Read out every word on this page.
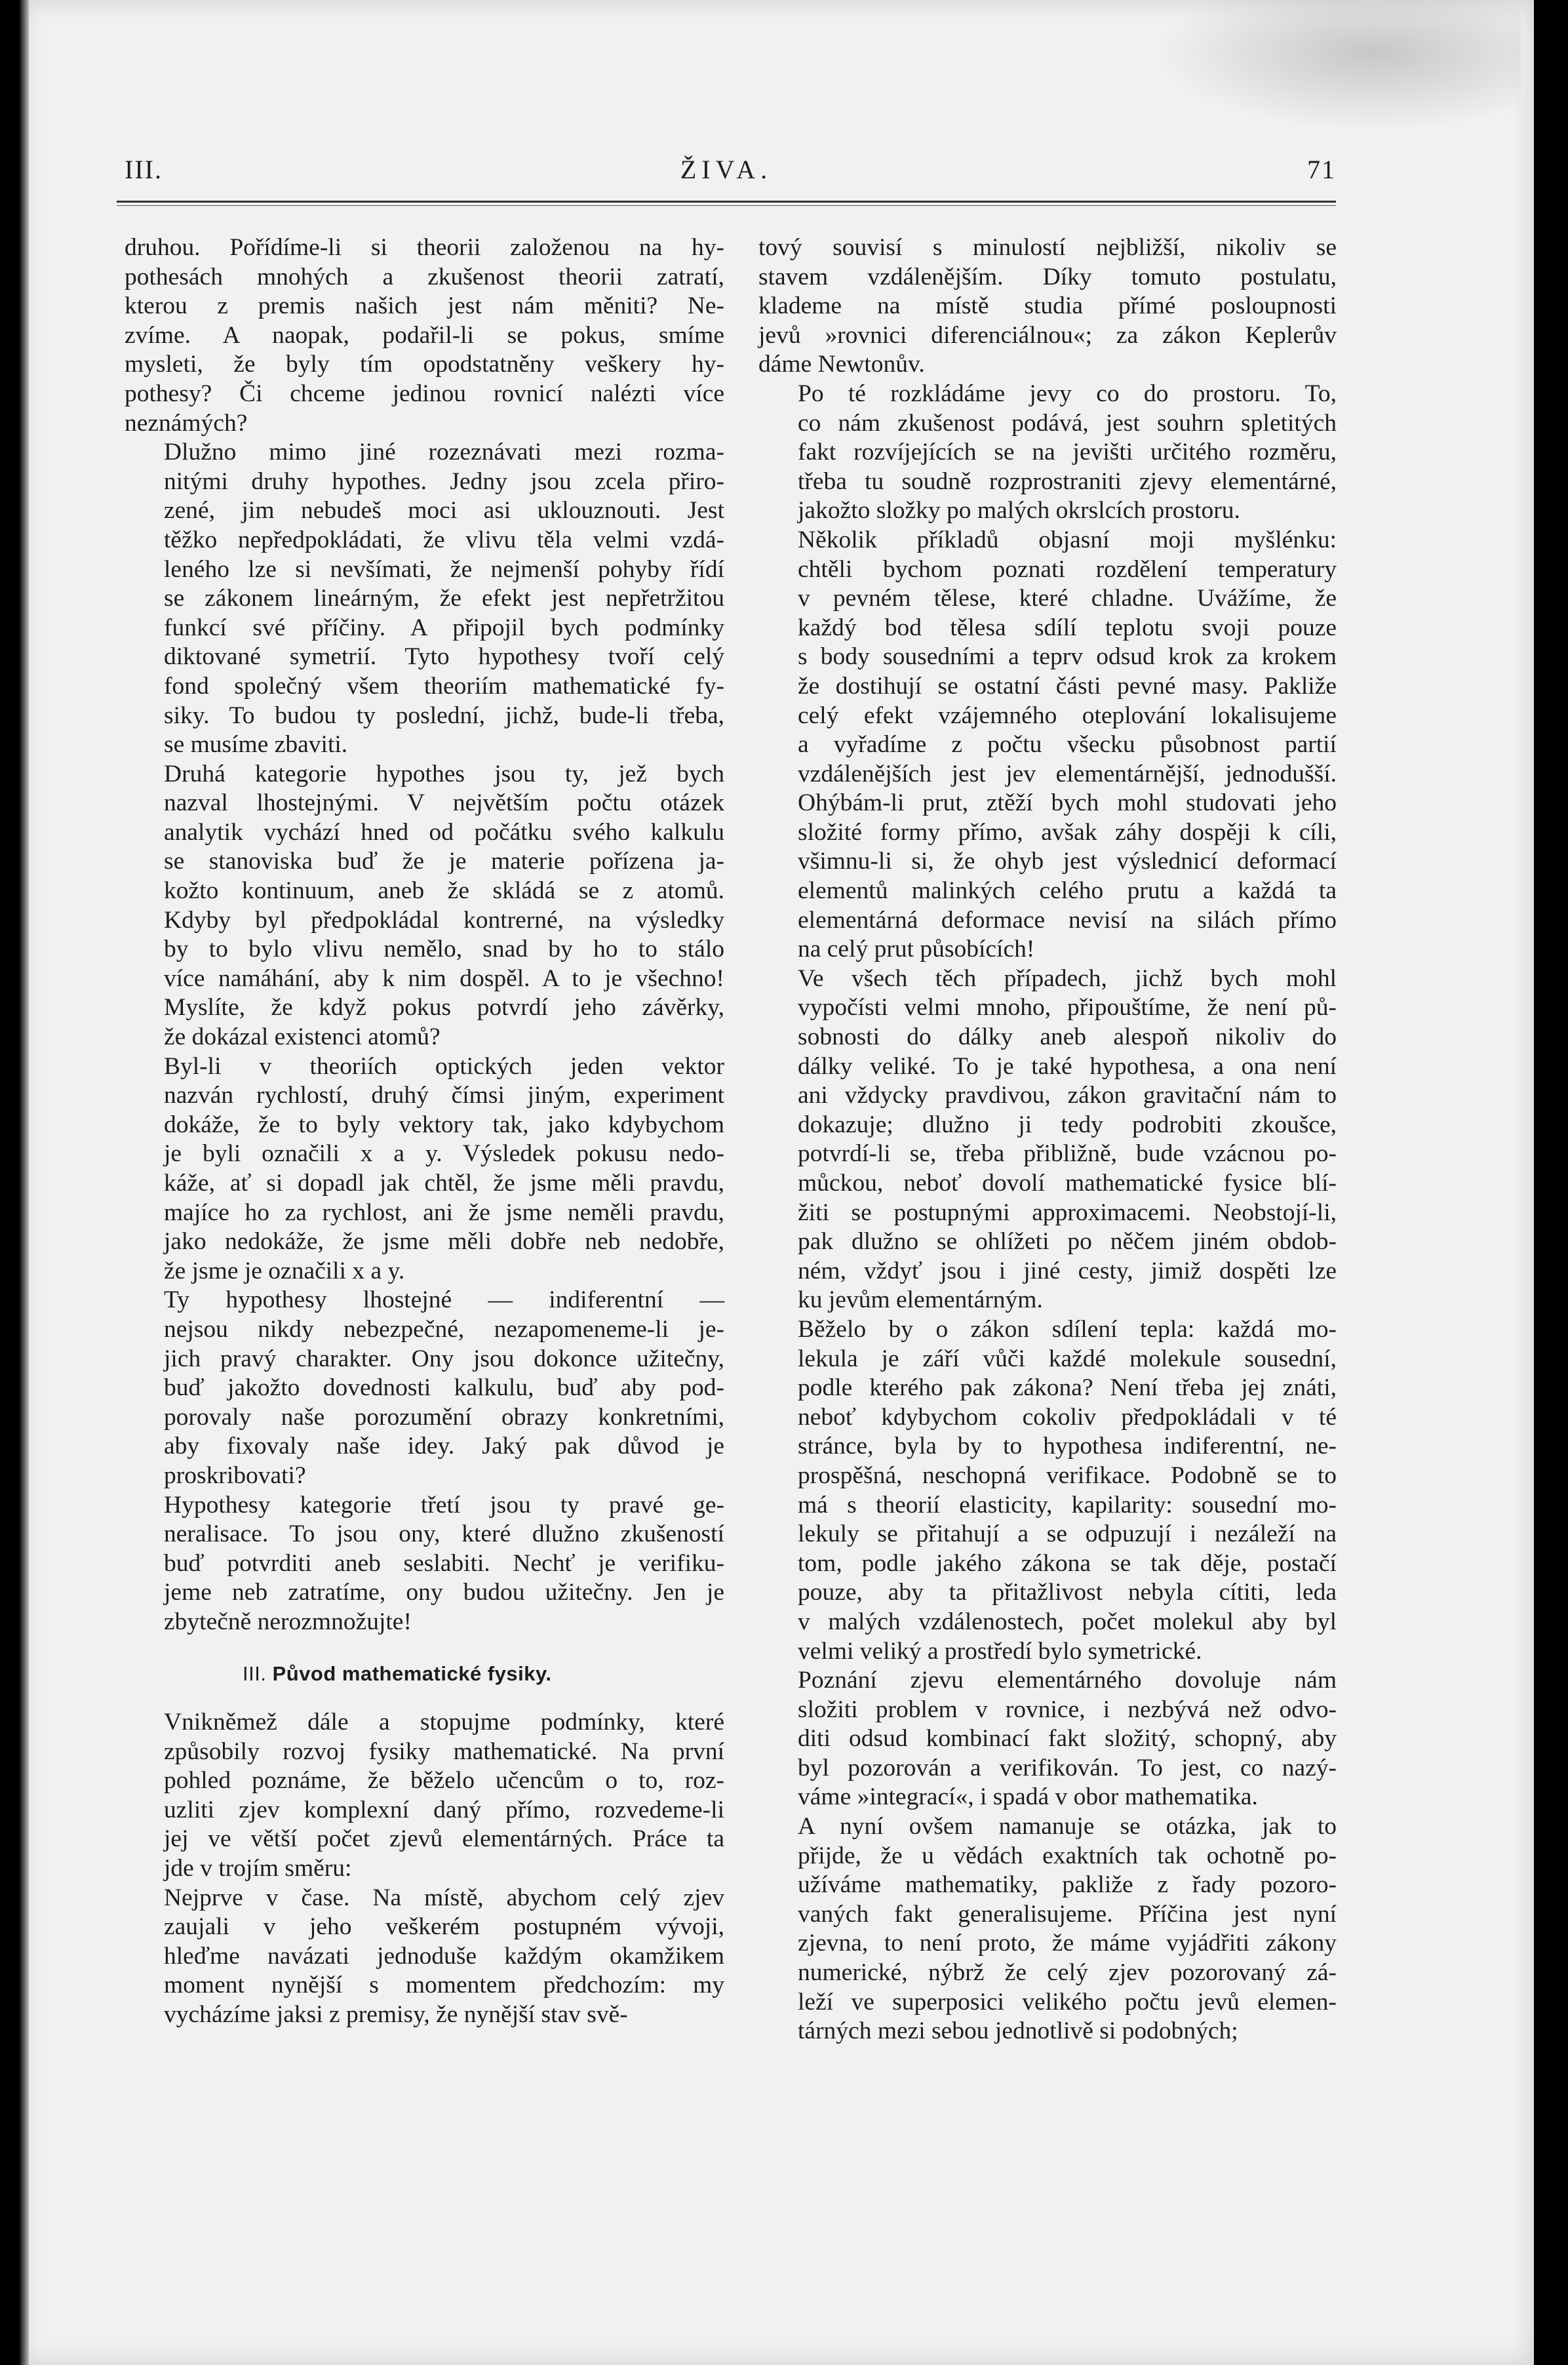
III.	ŽIVA.	71

druhou. Pořídíme-li si theorii založenou na hy-
pothesách mnohých a zkušenost theorii zatratí,
kterou z premis našich jest nám měniti? Ne-
zvíme. A naopak, podařil-li se pokus, smíme
mysleti, že byly tím opodstatněny veškery hy-
pothesy? Či chceme jedinou rovnicí nalézti více
neznámých?

Dlužno mimo jiné rozeznávati mezi rozma-
nitými druhy hypothes. Jedny jsou zcela přiro-
zené, jim nebudeš moci asi uklouznouti. Jest
těžko nepředpokládati, že vlivu těla velmi vzdá-
leného lze si nevšímati, že nejmenší pohyby řídí
se zákonem lineárným, že efekt jest nepřetržitou
funkcí své příčiny. A připojil bych podmínky
diktované symetrií. Tyto hypothesy tvoří celý
fond společný všem theoriím mathematické fy-
siky. To budou ty poslední, jichž, bude-li třeba,
se musíme zbaviti.

Druhá kategorie hypothes jsou ty, jež bych
nazval lhostejnými. V největším počtu otázek
analytik vychází hned od počátku svého kalkulu
se stanoviska buď že je materie pořízena ja-
kožto kontinuum, aneb že skládá se z atomů.
Kdyby byl předpokládal kontrerné, na výsledky
by to bylo vlivu nemělo, snad by ho to stálo
více namáhání, aby k nim dospěl. A to je všechno!
Myslíte, že když pokus potvrdí jeho závěrky,
že dokázal existenci atomů?

Byl-li v theoriích optických jeden vektor
nazván rychlostí, druhý čímsi jiným, experiment
dokáže, že to byly vektory tak, jako kdybychom
je byli označili x a y. Výsledek pokusu nedo-
káže, ať si dopadl jak chtěl, že jsme měli pravdu,
majíce ho za rychlost, ani že jsme neměli pravdu,
jako nedokáže, že jsme měli dobře neb nedobře,
že jsme je označili x a y.

Ty hypothesy lhostejné — indiferentní —
nejsou nikdy nebezpečné, nezapomeneme-li je-
jich pravý charakter. Ony jsou dokonce užitečny,
buď jakožto dovednosti kalkulu, buď aby pod-
porovaly naše porozumění obrazy konkretními,
aby fixovaly naše idey. Jaký pak důvod je
proskribovati?

Hypothesy kategorie třetí jsou ty pravé ge-
neralisace. To jsou ony, které dlužno zkušeností
buď potvrditi aneb seslabiti. Nechť je verifiku-
jeme neb zatratíme, ony budou užitečny. Jen je
zbytečně nerozmnožujte!

III. Původ mathematické fysiky.

Vnikněmež dále a stopujme podmínky, které
způsobily rozvoj fysiky mathematické. Na první
pohled poznáme, že běželo učencům o to, roz-
uzliti zjev komplexní daný přímo, rozvedeme-li
jej ve větší počet zjevů elementárných. Práce ta
jde v trojím směru:

Nejprve v čase. Na místě, abychom celý zjev
zaujali v jeho veškerém postupném vývoji,
hleďme navázati jednoduše každým okamžikem
moment nynější s momentem předchozím: my
vycházíme jaksi z premisy, že nynější stav svě-

tový souvisí s minulostí nejbližší, nikoliv se
stavem vzdálenějším. Díky tomuto postulatu,
klademe na místě studia přímé posloupnosti
jevů »rovnici diferenciálnou«; za zákon Keplerův
dáme Newtonův.

Po té rozkládáme jevy co do prostoru. To,
co nám zkušenost podává, jest souhrn spletitých
fakt rozvíjejících se na jevišti určitého rozměru,
třeba tu soudně rozprostraniti zjevy elementárné,
jakožto složky po malých okrslcích prostoru.

Několik příkladů objasní moji myšlénku:
chtěli bychom poznati rozdělení temperatury
v pevném tělese, které chladne. Uvážíme, že
každý bod tělesa sdílí teplotu svoji pouze
s body sousedními a teprv odsud krok za krokem
že dostihují se ostatní části pevné masy. Pakliže
celý efekt vzájemného oteplování lokalisujeme
a vyřadíme z počtu všecku působnost partií
vzdálenějších jest jev elementárnější, jednodušší.
Ohýbám-li prut, ztěží bych mohl studovati jeho
složité formy přímo, avšak záhy dospěji k cíli,
všimnu-li si, že ohyb jest výslednicí deformací
elementů malinkých celého prutu a každá ta
elementárná deformace nevisí na silách přímo
na celý prut působících!

Ve všech těch případech, jichž bych mohl
vypočísti velmi mnoho, připouštíme, že není pů-
sobnosti do dálky aneb alespoň nikoliv do
dálky veliké. To je také hypothesa, a ona není
ani vždycky pravdivou, zákon gravitační nám to
dokazuje; dlužno ji tedy podrobiti zkoušce,
potvrdí-li se, třeba přibližně, bude vzácnou po-
můckou, neboť dovolí mathematické fysice blí-
žiti se postupnými approximacemi. Neobstojí-li,
pak dlužno se ohlížeti po něčem jiném obdob-
ném, vždyť jsou i jiné cesty, jimiž dospěti lze
ku jevům elementárným.

Běželo by o zákon sdílení tepla: každá mo-
lekula je září vůči každé molekule sousední,
podle kterého pak zákona? Není třeba jej znáti,
neboť kdybychom cokoliv předpokládali v té
stránce, byla by to hypothesa indiferentní, ne-
prospěšná, neschopná verifikace. Podobně se to
má s theorií elasticity, kapilarity: sousední mo-
lekuly se přitahují a se odpuzují i nezáleží na
tom, podle jakého zákona se tak děje, postačí
pouze, aby ta přitažlivost nebyla cítiti, leda
v malých vzdálenostech, počet molekul aby byl
velmi veliký a prostředí bylo symetrické.

Poznání zjevu elementárného dovoluje nám
složiti problem v rovnice, i nezbývá než odvo-
diti odsud kombinací fakt složitý, schopný, aby
byl pozorován a verifikován. To jest, co nazý-
váme »integrací«, i spadá v obor mathematika.

A nyní ovšem namanuje se otázka, jak to
přijde, že u vědách exaktních tak ochotně po-
užíváme mathematiky, pakliže z řady pozoro-
vaných fakt generalisujeme. Příčina jest nyní
zjevna, to není proto, že máme vyjádřiti zákony
numerické, nýbrž že celý zjev pozorovaný zá-
leží ve superposici velikého počtu jevů elemen-
tárných mezi sebou jednotlivě si podobných;
